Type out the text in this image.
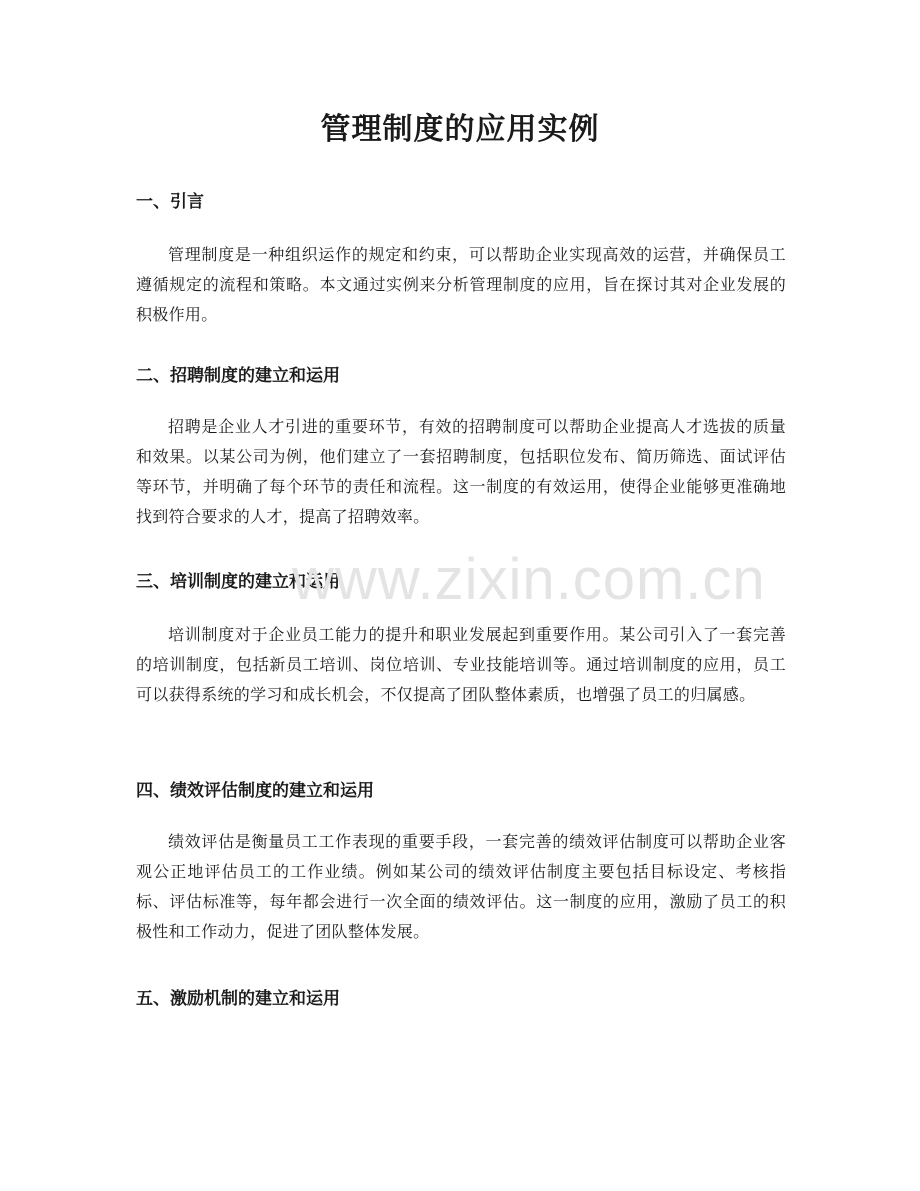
管理制度的应用实例
一、引言

管理制度是一种组织运作的规定和约束，可以帮助企业实现高效的运营，并确保员工遵循规定的流程和策略。本文通过实例来分析管理制度的应用，旨在探讨其对企业发展的积极作用。

二、招聘制度的建立和运用

招聘是企业人才引进的重要环节，有效的招聘制度可以帮助企业提高人才选拔的质量和效果。以某公司为例，他们建立了一套招聘制度，包括职位发布、简历筛选、面试评估等环节，并明确了每个环节的责任和流程。这一制度的有效运用，使得企业能够更准确地找到符合要求的人才，提高了招聘效率。

三、培训制度的建立和运用

培训制度对于企业员工能力的提升和职业发展起到重要作用。某公司引入了一套完善的培训制度，包括新员工培训、岗位培训、专业技能培训等。通过培训制度的应用，员工可以获得系统的学习和成长机会，不仅提高了团队整体素质，也增强了员工的归属感。

四、绩效评估制度的建立和运用

绩效评估是衡量员工工作表现的重要手段，一套完善的绩效评估制度可以帮助企业客观公正地评估员工的工作业绩。例如某公司的绩效评估制度主要包括目标设定、考核指标、评估标准等，每年都会进行一次全面的绩效评估。这一制度的应用，激励了员工的积极性和工作动力，促进了团队整体发展。

五、激励机制的建立和运用
www.zixin.com.cn
